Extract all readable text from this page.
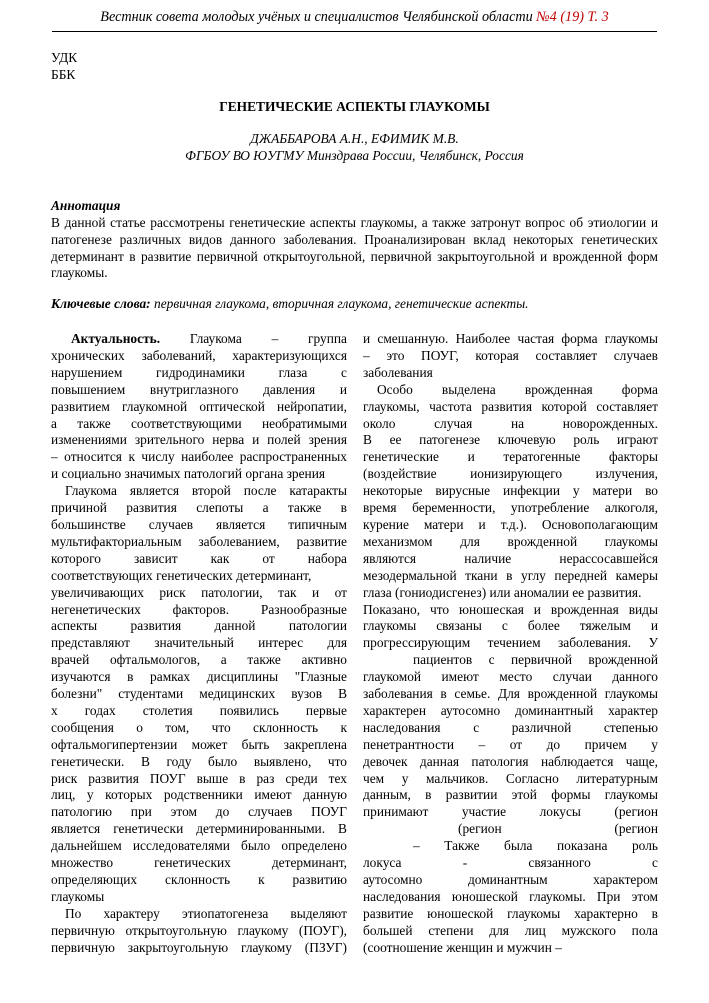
Вестник совета молодых учёных и специалистов Челябинской области №4 (19) Т. 3
УДК
ББК
ГЕНЕТИЧЕСКИЕ АСПЕКТЫ ГЛАУКОМЫ
ДЖАББАРОВА А.Н., ЕФИМИК М.В.
ФГБОУ ВО ЮУГМУ Минздрава России, Челябинск, Россия
Аннотация
В данной статье рассмотрены генетические аспекты глаукомы, а также затронут вопрос об этиологии и патогенезе различных видов данного заболевания. Проанализирован вклад некоторых генетических детерминант в развитие первичной открытоугольной, первичной закрытоугольной и врожденной форм глаукомы.
Ключевые слова: первичная глаукома, вторичная глаукома, генетические аспекты.
Актуальность. Глаукома – группа
хронических заболеваний, характеризующихся
нарушением гидродинамики глаза с
повышением внутриглазного давления и
развитием глаукомной оптической нейропатии,
а также соответствующими необратимыми
изменениями зрительного нерва и полей зрения
– относится к числу наиболее распространенных
и социально значимых патологий органа зрения
Глаукома является второй после катаракты
причиной развития слепоты а также в
большинстве случаев является типичным
мультифакториальным заболеванием, развитие
которого зависит как от набора
соответствующих генетических детерминант,
увеличивающих риск патологии, так и от
негенетических факторов. Разнообразные
аспекты развития данной патологии
представляют значительный интерес для
врачей офтальмологов, а также активно
изучаются в рамках дисциплины "Глазные
болезни" студентами медицинских вузов В
х годах столетия появились первые
сообщения о том, что склонность к
офтальмогипертензии может быть закреплена
генетически. В году было выявлено, что
риск развития ПОУГ выше в раз среди тех
лиц, у которых родственники имеют данную
патологию при этом до случаев ПОУГ
является генетически детерминированными. В
дальнейшем исследователями было определено
множество генетических детерминант,
определяющих склонность к развитию
глаукомы
По характеру этиопатогенеза выделяют
первичную открытоугольную глаукому (ПОУГ),
первичную закрытоугольную глаукому (ПЗУГ)
и смешанную. Наиболее частая форма глаукомы
– это ПОУГ, которая составляет случаев
заболевания
Особо выделена врожденная форма
глаукомы, частота развития которой составляет
около случая на новорожденных.
В ее патогенезе ключевую роль играют
генетические и тератогенные факторы
(воздействие ионизирующего излучения,
некоторые вирусные инфекции у матери во
время беременности, употребление алкоголя,
курение матери и т.д.). Основополагающим
механизмом для врожденной глаукомы
являются наличие нерассосавшейся
мезодермальной ткани в углу передней камеры
глаза (гониодисгенез) или аномалии ее развития.
Показано, что юношеская и врожденная виды
глаукомы связаны с более тяжелым и
прогрессирующим течением заболевания. У
пациентов с первичной врожденной
глаукомой имеют место случаи данного
заболевания в семье. Для врожденной глаукомы
характерен аутосомно доминантный характер
наследования с различной степенью
пенетрантности – от до причем у
девочек данная патология наблюдается чаще,
чем у мальчиков. Согласно литературным
данным, в развитии этой формы глаукомы
принимают участие локусы (регион
(регион (регион
– Также была показана роль
локуса - связанного с
аутосомно доминантным характером
наследования юношеской глаукомы. При этом
развитие юношеской глаукомы характерно в
большей степени для лиц мужского пола
(соотношение женщин и мужчин –
